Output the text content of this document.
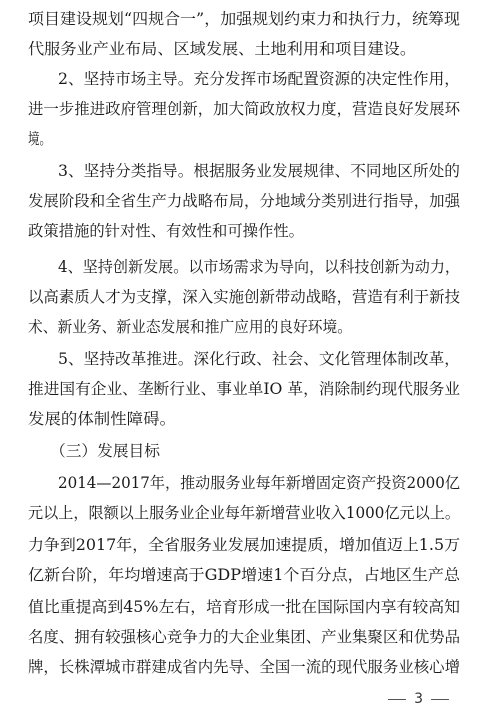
项目建设规划“四规合一”，加强规划约束力和执行力，统筹现
代服务业产业布局、区域发展、土地利用和项目建设。
2、坚持市场主导。充分发挥市场配置资源的决定性作用，
进一步推进政府管理创新，加大简政放权力度，营造良好发展环
境。
3、坚持分类指导。根据服务业发展规律、不同地区所处的
发展阶段和全省生产力战略布局，分地域分类别进行指导，加强
政策措施的针对性、有效性和可操作性。
4、坚持创新发展。以市场需求为导向，以科技创新为动力，
以高素质人才为支撑，深入实施创新带动战略，营造有利于新技
术、新业务、新业态发展和推广应用的良好环境。
5、坚持改革推进。深化行政、社会、文化管理体制改革，
推进国有企业、垄断行业、事业单IO 革，消除制约现代服务业
发展的体制性障碍。
（三）发展目标
2014—2017年，推动服务业每年新增固定资产投资2000亿
元以上，限额以上服务业企业每年新增营业收入1000亿元以上。
力争到2017年，全省服务业发展加速提质，增加值迈上1.5万
亿新台阶，年均增速高于GDP增速1个百分点，占地区生产总
值比重提高到45%左右，培育形成一批在国际国内享有较高知
名度、拥有较强核心竞争力的大企业集团、产业集聚区和优势品
牌，长株潭城市群建成省内先导、全国一流的现代服务业核心增
3
